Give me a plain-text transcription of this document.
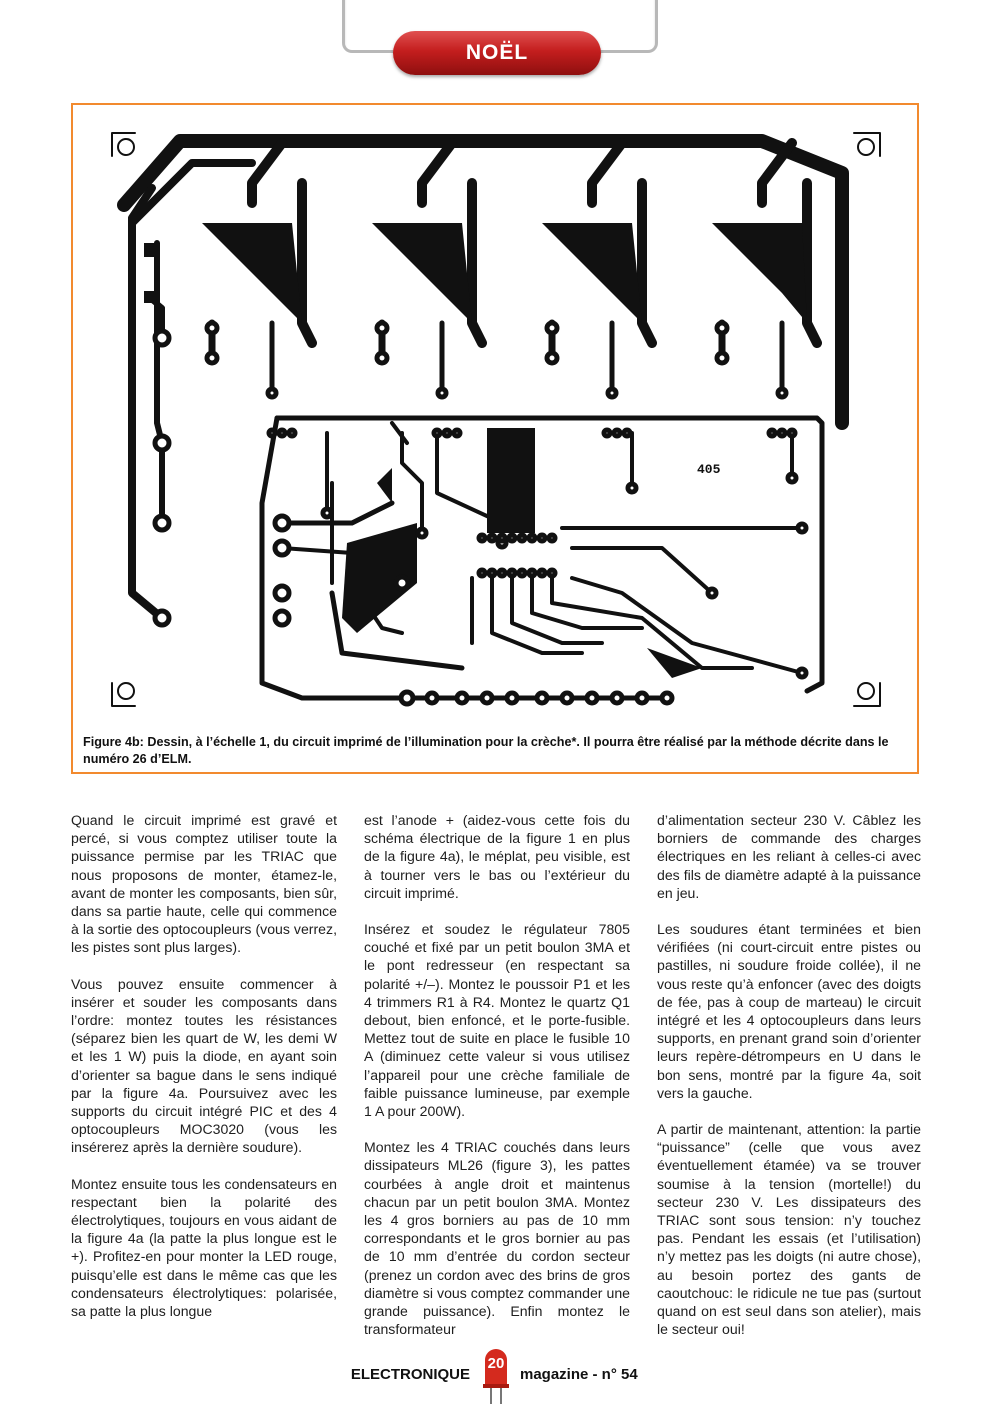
NOËL
405
Figure 4b: Dessin, à l’échelle 1, du circuit imprimé de l’illumination pour la crèche*. Il pourra être réalisé par la méthode décrite dans le numéro 26 d’ELM.

Quand le circuit imprimé est gravé et percé, si vous comptez utiliser toute la puissance permise par les TRIAC que nous proposons de monter, étamez-le, avant de monter les composants, bien sûr, dans sa partie haute, celle qui commence à la sortie des optocoupleurs (vous verrez, les pistes sont plus larges).

Vous pouvez ensuite commencer à insérer et souder les composants dans l’ordre: montez toutes les résistances (séparez bien les quart de W, les demi W et les 1 W) puis la diode, en ayant soin d’orienter sa bague dans le sens indiqué par la figure 4a. Poursuivez avec les supports du circuit intégré PIC et des 4 optocoupleurs MOC3020 (vous les insérerez après la dernière soudure).

Montez ensuite tous les condensateurs en respectant bien la polarité des électrolytiques, toujours en vous aidant de la figure 4a (la patte la plus longue est le +). Profitez-en pour monter la LED rouge, puisqu’elle est dans le même cas que les condensateurs électrolytiques: polarisée, sa patte la plus longue

est l’anode + (aidez-vous cette fois du schéma électrique de la figure 1 en plus de la figure 4a), le méplat, peu visible, est à tourner vers le bas ou l’extérieur du circuit imprimé.

Insérez et soudez le régulateur 7805 couché et fixé par un petit boulon 3MA et le pont redresseur (en respectant sa polarité +/–). Montez le poussoir P1 et les 4 trimmers R1 à R4. Montez le quartz Q1 debout, bien enfoncé, et le porte-fusible. Mettez tout de suite en place le fusible 10 A (diminuez cette valeur si vous utilisez l’appareil pour une crèche familiale de faible puissance lumineuse, par exemple 1 A pour 200W).

Montez les 4 TRIAC couchés dans leurs dissipateurs ML26 (figure 3), les pattes courbées à angle droit et maintenus chacun par un petit boulon 3MA. Montez les 4 gros borniers au pas de 10 mm correspondants et le gros bornier au pas de 10 mm d’entrée du cordon secteur (prenez un cordon avec des brins de gros diamètre si vous comptez commander une grande puissance). Enfin montez le transformateur

d’alimentation secteur 230 V. Câblez les borniers de commande des charges électriques en les reliant à celles-ci avec des fils de diamètre adapté à la puissance en jeu.

Les soudures étant terminées et bien vérifiées (ni court-circuit entre pistes ou pastilles, ni soudure froide collée), il ne vous reste qu’à enfoncer (avec des doigts de fée, pas à coup de marteau) le circuit intégré et les 4 optocoupleurs dans leurs supports, en prenant grand soin d’orienter leurs repère-détrompeurs en U dans le bon sens, montré par la figure 4a, soit vers la gauche.

A partir de maintenant, attention: la partie “puissance” (celle que vous avez éventuellement étamée) va se trouver soumise à la tension (mortelle!) du secteur 230 V. Les dissipateurs des TRIAC sont sous tension: n’y touchez pas. Pendant les essais (et l’utilisation) n’y mettez pas les doigts (ni autre chose), au besoin portez des gants de caoutchouc: le ridicule ne tue pas (surtout quand on est seul dans son atelier), mais le secteur oui!

ELECTRONIQUE	magazine - n° 54
20
